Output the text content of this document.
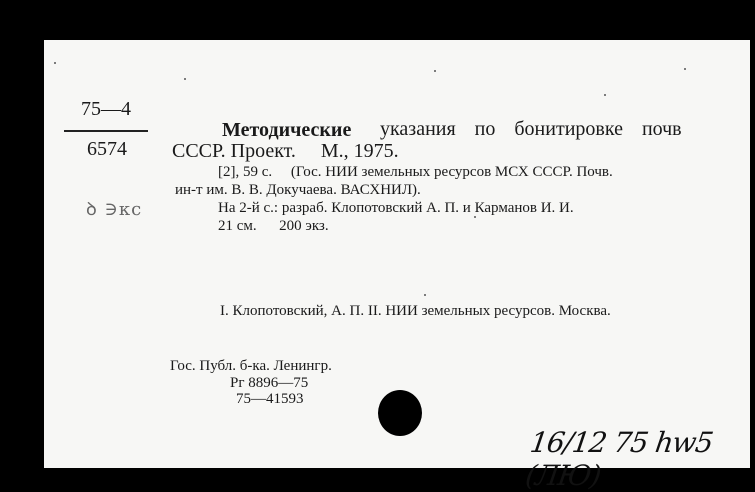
75—4
6574
Методические указания по бонитировке почв
СССР. Проект.     М., 1975.
[2], 59 с.     (Гос. НИИ земельных ресурсов МСХ СССР. Почв.
ин-т им. В. В. Докучаева. ВАСХНИЛ).
ꝺ ∋кс	На 2-й с.: разраб. Клопотовский А. П. и Карманов И. И.
21 см.      200 экз.
I. Клопотовский, А. П. II. НИИ земельных ресурсов. Москва.
Гос. Публ. б-ка. Ленингр.
Рг 8896—75
75—41593
16/12 75 hw5 (ЛЮ)
